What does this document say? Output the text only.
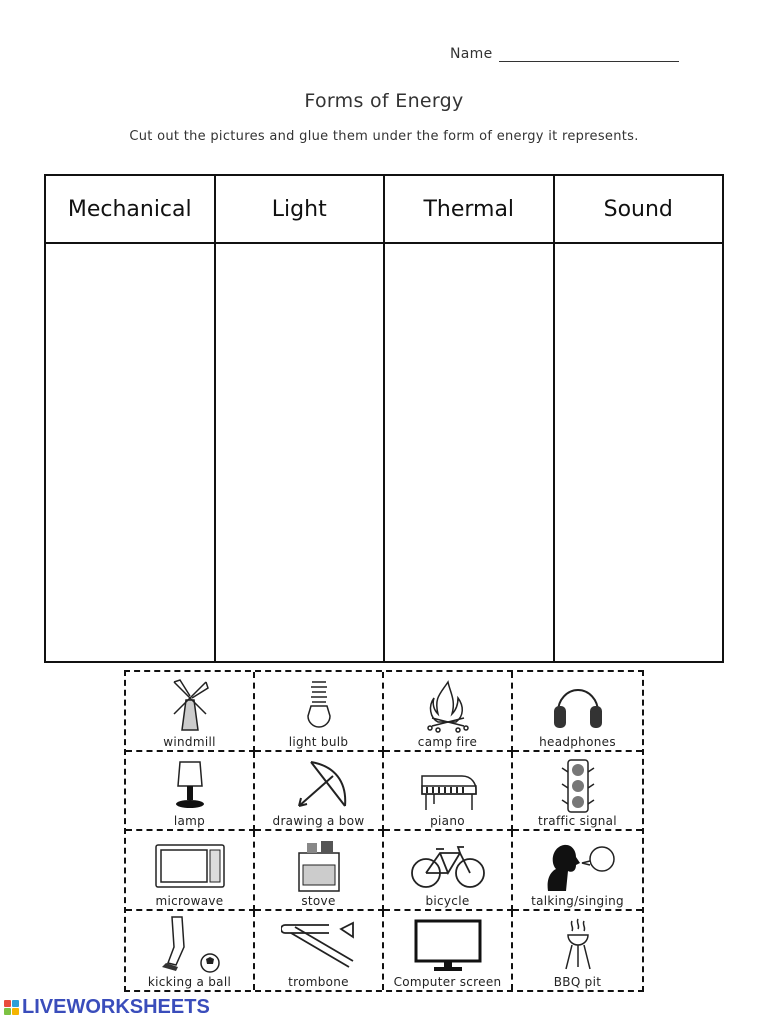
Name
Forms of Energy
Cut out the pictures and glue them under the form of energy it represents.
Mechanical	Light	Thermal	Sound

windmill	light bulb	camp fire	headphones
lamp	drawing a bow	piano	traffic signal
microwave	stove	bicycle	talking/singing
kicking a ball	trombone	Computer screen	BBQ pit
LIVEWORKSHEETS
